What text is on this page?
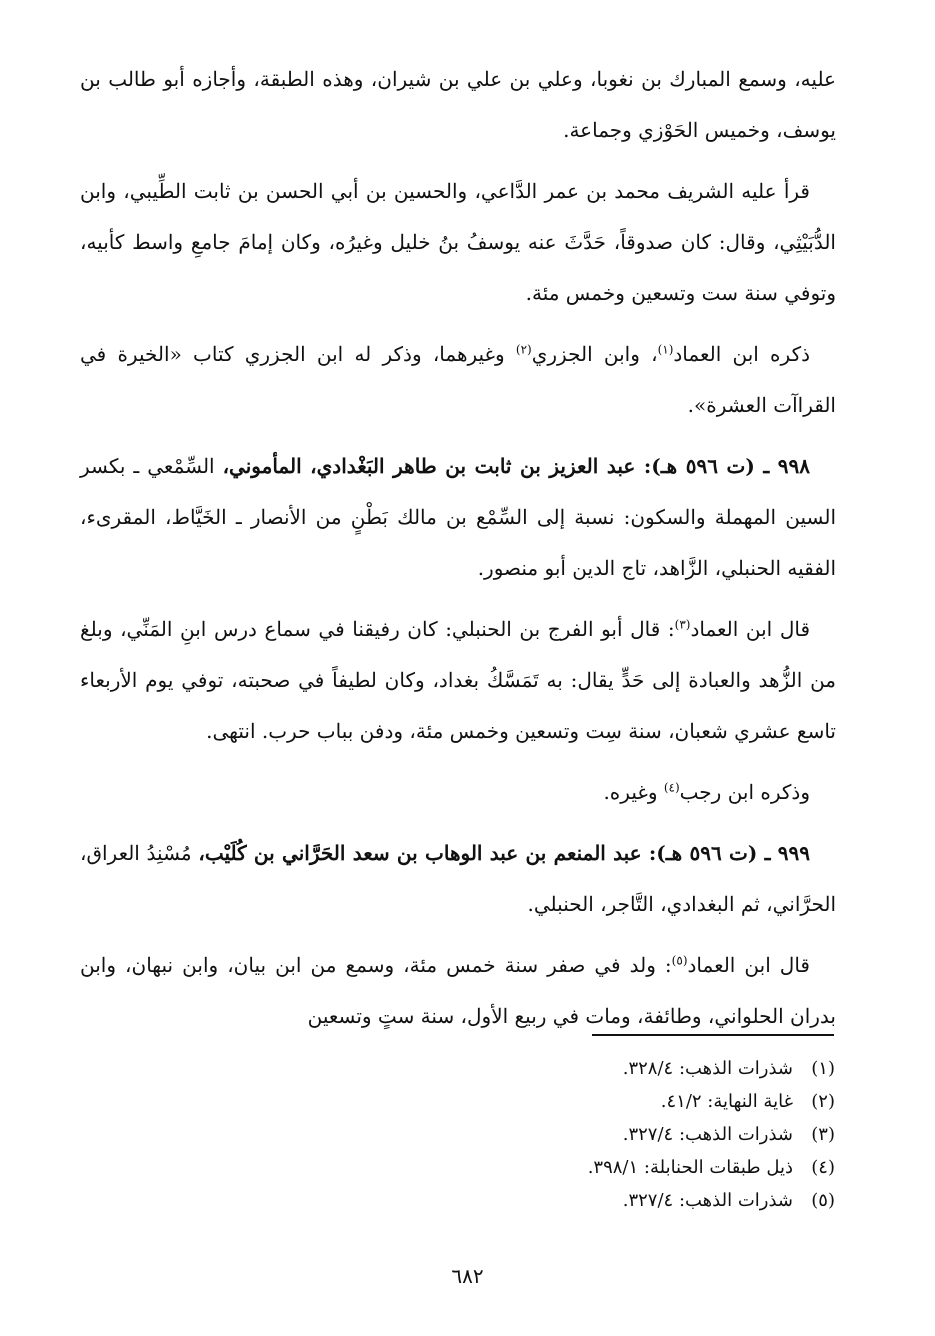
عليه، وسمع المبارك بن نغوبا، وعلي بن علي بن شيران، وهذه الطبقة، وأجازه أبو طالب بن يوسف، وخميس الحَوْزي وجماعة.

قرأ عليه الشريف محمد بن عمر الدَّاعي، والحسين بن أبي الحسن بن ثابت الطِّيبي، وابن الدُّبَيْثِي، وقال: كان صدوقاً، حَدَّثَ عنه يوسفُ بنُ خليل وغيرُه، وكان إمامَ جامعِ واسط كأبيه، وتوفي سنة ست وتسعين وخمس مئة.

ذكره ابن العماد$^{(١)}$، وابن الجزري$^{(٢)}$ وغيرهما، وذكر له ابن الجزري كتاب «الخيرة في القراآت العشرة».

٩٩٨ ـ (ت ٥٩٦ هـ): عبد العزيز بن ثابت بن طاهر البَغْدادي، المأموني، السِّمْعي ـ بكسر السين المهملة والسكون: نسبة إلى السِّمْع بن مالك بَطْنٍ من الأنصار ـ الخَيَّاط، المقرىء، الفقيه الحنبلي، الزَّاهد، تاج الدين أبو منصور.

قال ابن العماد$^{(٣)}$: قال أبو الفرج بن الحنبلي: كان رفيقنا في سماع درس ابنِ المَنِّي، وبلغ من الزُّهد والعبادة إلى حَدٍّ يقال: به تَمَسَّكُ بغداد، وكان لطيفاً في صحبته، توفي يوم الأربعاء تاسع عشري شعبان، سنة سِت وتسعين وخمس مئة، ودفن بباب حرب. انتهى.

وذكره ابن رجب$^{(٤)}$ وغيره.

٩٩٩ ـ (ت ٥٩٦ هـ): عبد المنعم بن عبد الوهاب بن سعد الحَرَّاني بن كُلَيْب، مُسْنِدُ العراق، الحرَّاني، ثم البغدادي، التَّاجر، الحنبلي.

قال ابن العماد$^{(٥)}$: ولد في صفر سنة خمس مئة، وسمع من ابن بيان، وابن نبهان، وابن بدران الحلواني، وطائفة، ومات في ربيع الأول، سنة ستٍ وتسعين

(١)شذرات الذهب: ٣٢٨/٤.
(٢)غاية النهاية: ٤١/٢.
(٣)شذرات الذهب: ٣٢٧/٤.
(٤)ذيل طبقات الحنابلة: ٣٩٨/١.
(٥)شذرات الذهب: ٣٢٧/٤.
٦٨٢
